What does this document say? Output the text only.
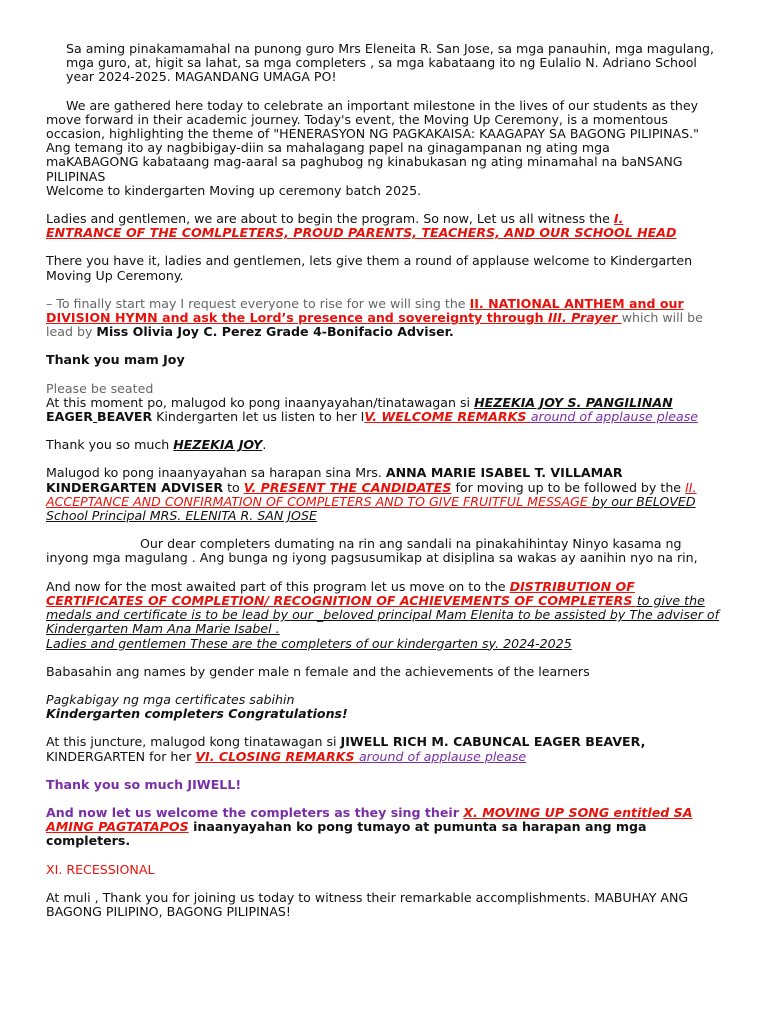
Sa aming pinakamamahal na punong guro Mrs Eleneita R. San Jose, sa mga panauhin, mga magulang, mga guro, at, higit sa lahat, sa mga completers , sa mga kabataang ito ng Eulalio N. Adriano School year 2024-2025. MAGANDANG UMAGA PO!

We are gathered here today to celebrate an important milestone in the lives of our students as they
move forward in their academic journey. Today's event, the Moving Up Ceremony, is a momentous
occasion, highlighting the theme of "HENERASYON NG PAGKAKAISA: KAAGAPAY SA BAGONG PILIPINAS."
Ang temang ito ay nagbibigay-diin sa mahalagang papel na ginagampanan ng ating mga
maKABAGONG kabataang mag-aaral sa paghubog ng kinabukasan ng ating minamahal na baNSANG
PILIPINAS
Welcome to kindergarten Moving up ceremony batch 2025.

Ladies and gentlemen, we are about to begin the program. So now, Let us all witness the I.
ENTRANCE OF THE COMLPLETERS, PROUD PARENTS, TEACHERS, AND OUR SCHOOL HEAD

There you have it, ladies and gentlemen, lets give them a round of applause welcome to Kindergarten Moving Up Ceremony.

– To finally start may I request everyone to rise for we will sing the II. NATIONAL ANTHEM and our DIVISION HYMN and ask the Lord’s presence and sovereignty through III. Prayer which will be lead by Miss Olivia Joy C. Perez Grade 4-Bonifacio Adviser.

Thank you mam Joy

Please be seated
At this moment po, malugod ko pong inaanyayahan/tinatawagan si HEZEKIA JOY S. PANGILINAN
EAGER BEAVER Kindergarten let us listen to her IV. WELCOME REMARKS around of applause please

Thank you so much HEZEKIA JOY.

Malugod ko pong inaanyayahan sa harapan sina Mrs. ANNA MARIE ISABEL T. VILLAMAR KINDERGARTEN ADVISER to V. PRESENT THE CANDIDATES for moving up to be followed by the II. ACCEPTANCE AND CONFIRMATION OF COMPLETERS AND TO GIVE FRUITFUL MESSAGE by our BELOVED School Principal MRS. ELENITA R. SAN JOSE

Our dear completers dumating na rin ang sandali na pinakahihintay Ninyo kasama ng
inyong mga magulang . Ang bunga ng iyong pagsusumikap at disiplina sa wakas ay aanihin nyo na rin,
And now for the most awaited part of this program let us move on to the DISTRIBUTION OF CERTIFICATES OF COMPLETION/ RECOGNITION OF ACHIEVEMENTS OF COMPLETERS to give the medals and certificate is to be lead by our _beloved principal Mam Elenita to be assisted by The adviser of Kindergarten Mam Ana Marie Isabel .
Ladies and gentlemen These are the completers of our kindergarten sy. 2024-2025

Babasahin ang names by gender male n female and the achievements of the learners

Pagkabigay ng mga certificates sabihin
Kindergarten completers Congratulations!

At this juncture, malugod kong tinatawagan si JIWELL RICH M. CABUNCAL EAGER BEAVER, KINDERGARTEN for her VI. CLOSING REMARKS around of applause please

Thank you so much JIWELL!

And now let us welcome the completers as they sing their X. MOVING UP SONG entitled SA AMING PAGTATAPOS inaanyayahan ko pong tumayo at pumunta sa harapan ang mga completers.

XI. RECESSIONAL

At muli , Thank you for joining us today to witness their remarkable accomplishments. MABUHAY ANG BAGONG PILIPINO, BAGONG PILIPINAS!
